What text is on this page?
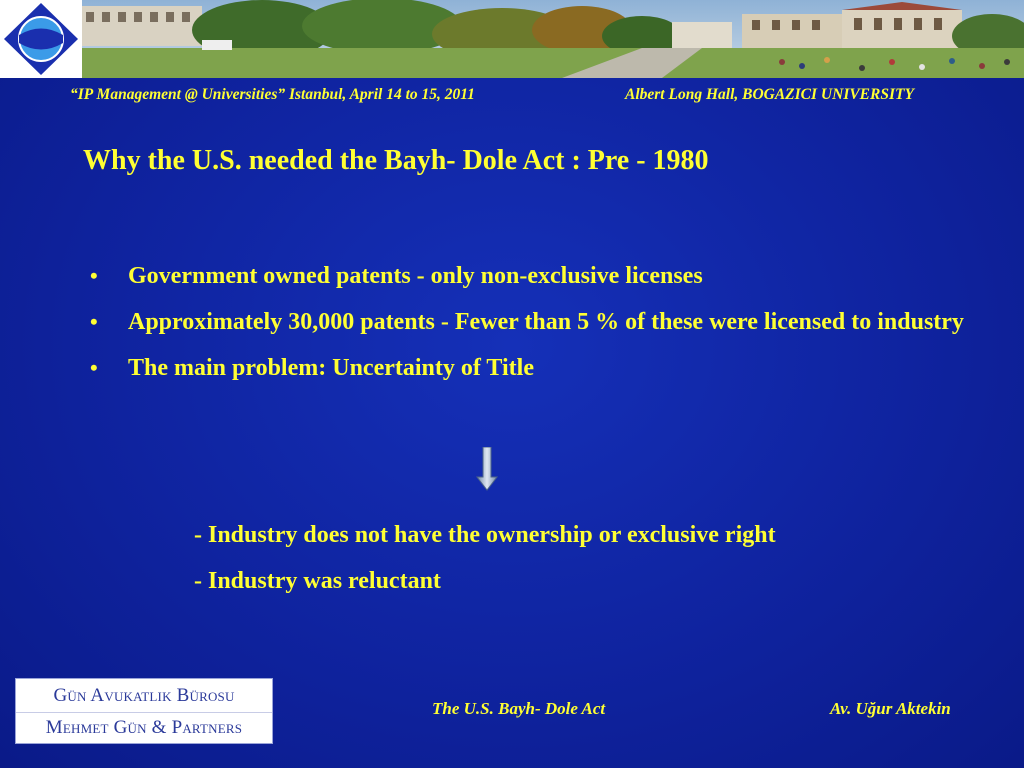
“IP Management @ Universities” Istanbul, April 14 to 15, 2011	Albert Long Hall, BOGAZICI UNIVERSITY
Why the U.S. needed the Bayh- Dole Act : Pre - 1980
• Government owned patents - only non-exclusive licenses
• Approximately 30,000 patents - Fewer than 5 % of these were licensed to industry
• The main problem: Uncertainty of Title
- Industry does not have the ownership or exclusive right
- Industry was reluctant
Gün Avukatlık Bürosu
Mehmet Gün & Partners
The U.S. Bayh- Dole Act	Av. Uğur Aktekin
